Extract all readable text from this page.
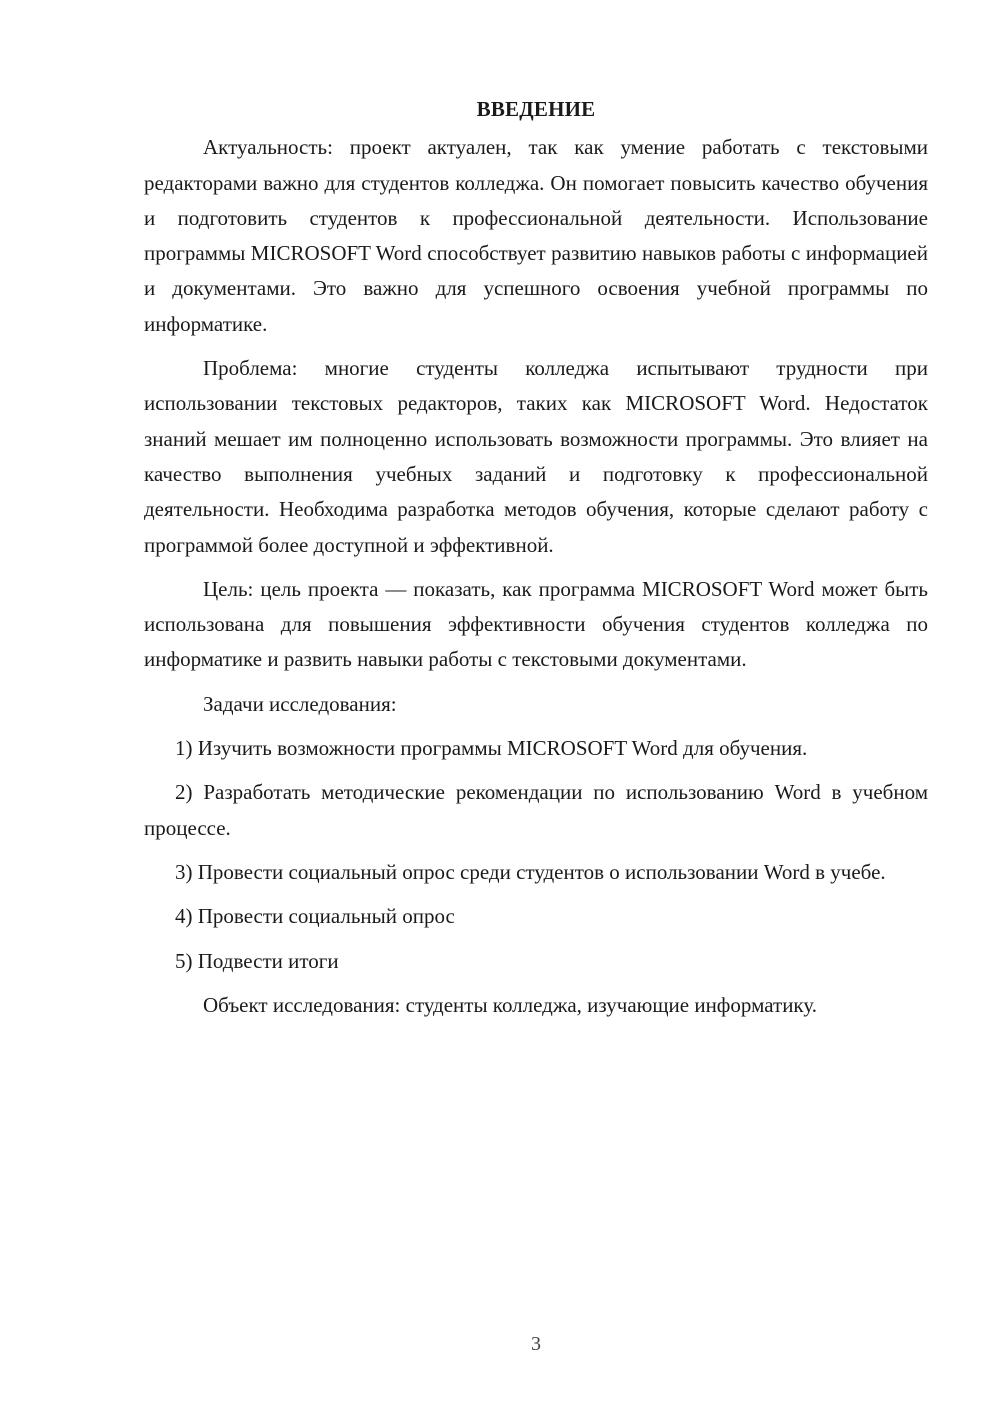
ВВЕДЕНИЕ

Актуальность: проект актуален, так как умение работать с текстовыми редакторами важно для студентов колледжа. Он помогает повысить качество обучения и подготовить студентов к профессиональной деятельности. Использование программы MICROSOFT Word способствует развитию навыков работы с информацией и документами. Это важно для успешного освоения учебной программы по информатике.

Проблема: многие студенты колледжа испытывают трудности при использовании текстовых редакторов, таких как MICROSOFT Word. Недостаток знаний мешает им полноценно использовать возможности программы. Это влияет на качество выполнения учебных заданий и подготовку к профессиональной деятельности. Необходима разработка методов обучения, которые сделают работу с программой более доступной и эффективной.

Цель: цель проекта — показать, как программа MICROSOFT Word может быть использована для повышения эффективности обучения студентов колледжа по информатике и развить навыки работы с текстовыми документами.

Задачи исследования:

1) Изучить возможности программы MICROSOFT Word для обучения.

2) Разработать методические рекомендации по использованию Word в учебном процессе.

3) Провести социальный опрос среди студентов о использовании Word в учебе.

4) Провести социальный опрос

5) Подвести итоги

Объект исследования: студенты колледжа, изучающие информатику.

3
